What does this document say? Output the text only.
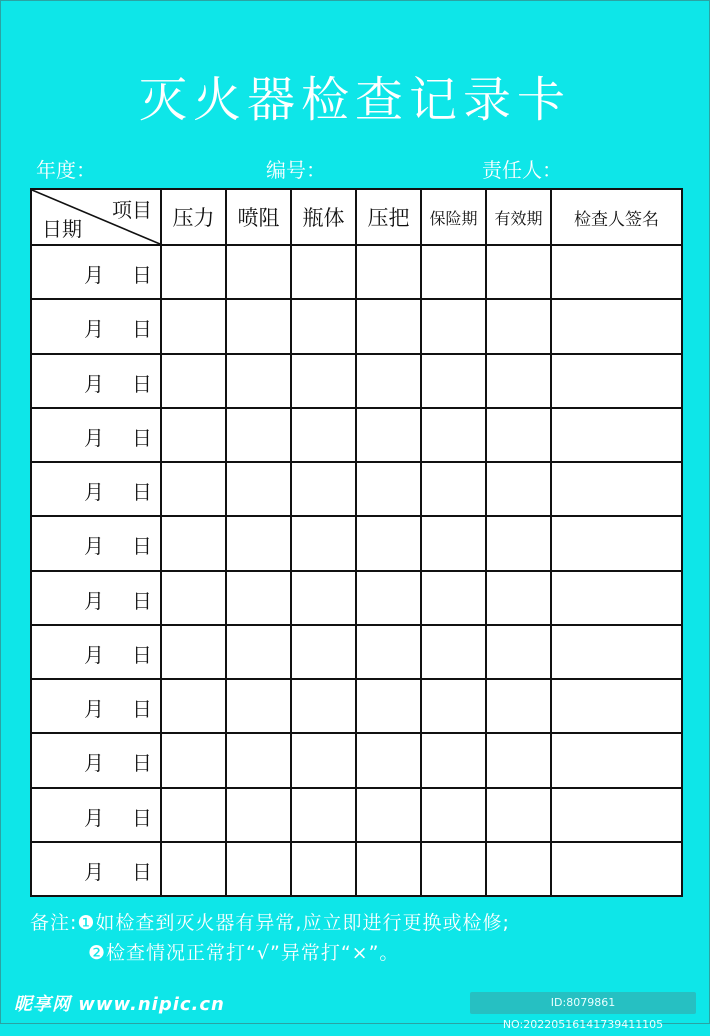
灭火器检查记录卡
年度：	编号：	责任人：
项目
日期	压力	喷阻	瓶体	压把	保险期	有效期	检查人签名

月 日							

月 日							

月 日							

月 日							

月 日							

月 日							

月 日							

月 日							

月 日							

月 日							

月 日							

月 日							

备注:❶如检查到灭火器有异常,应立即进行更换或检修;
❷检查情况正常打“√”异常打“×”。
昵享网 www.nipic.cn	ID:8079861 NO:20220516141739411105
